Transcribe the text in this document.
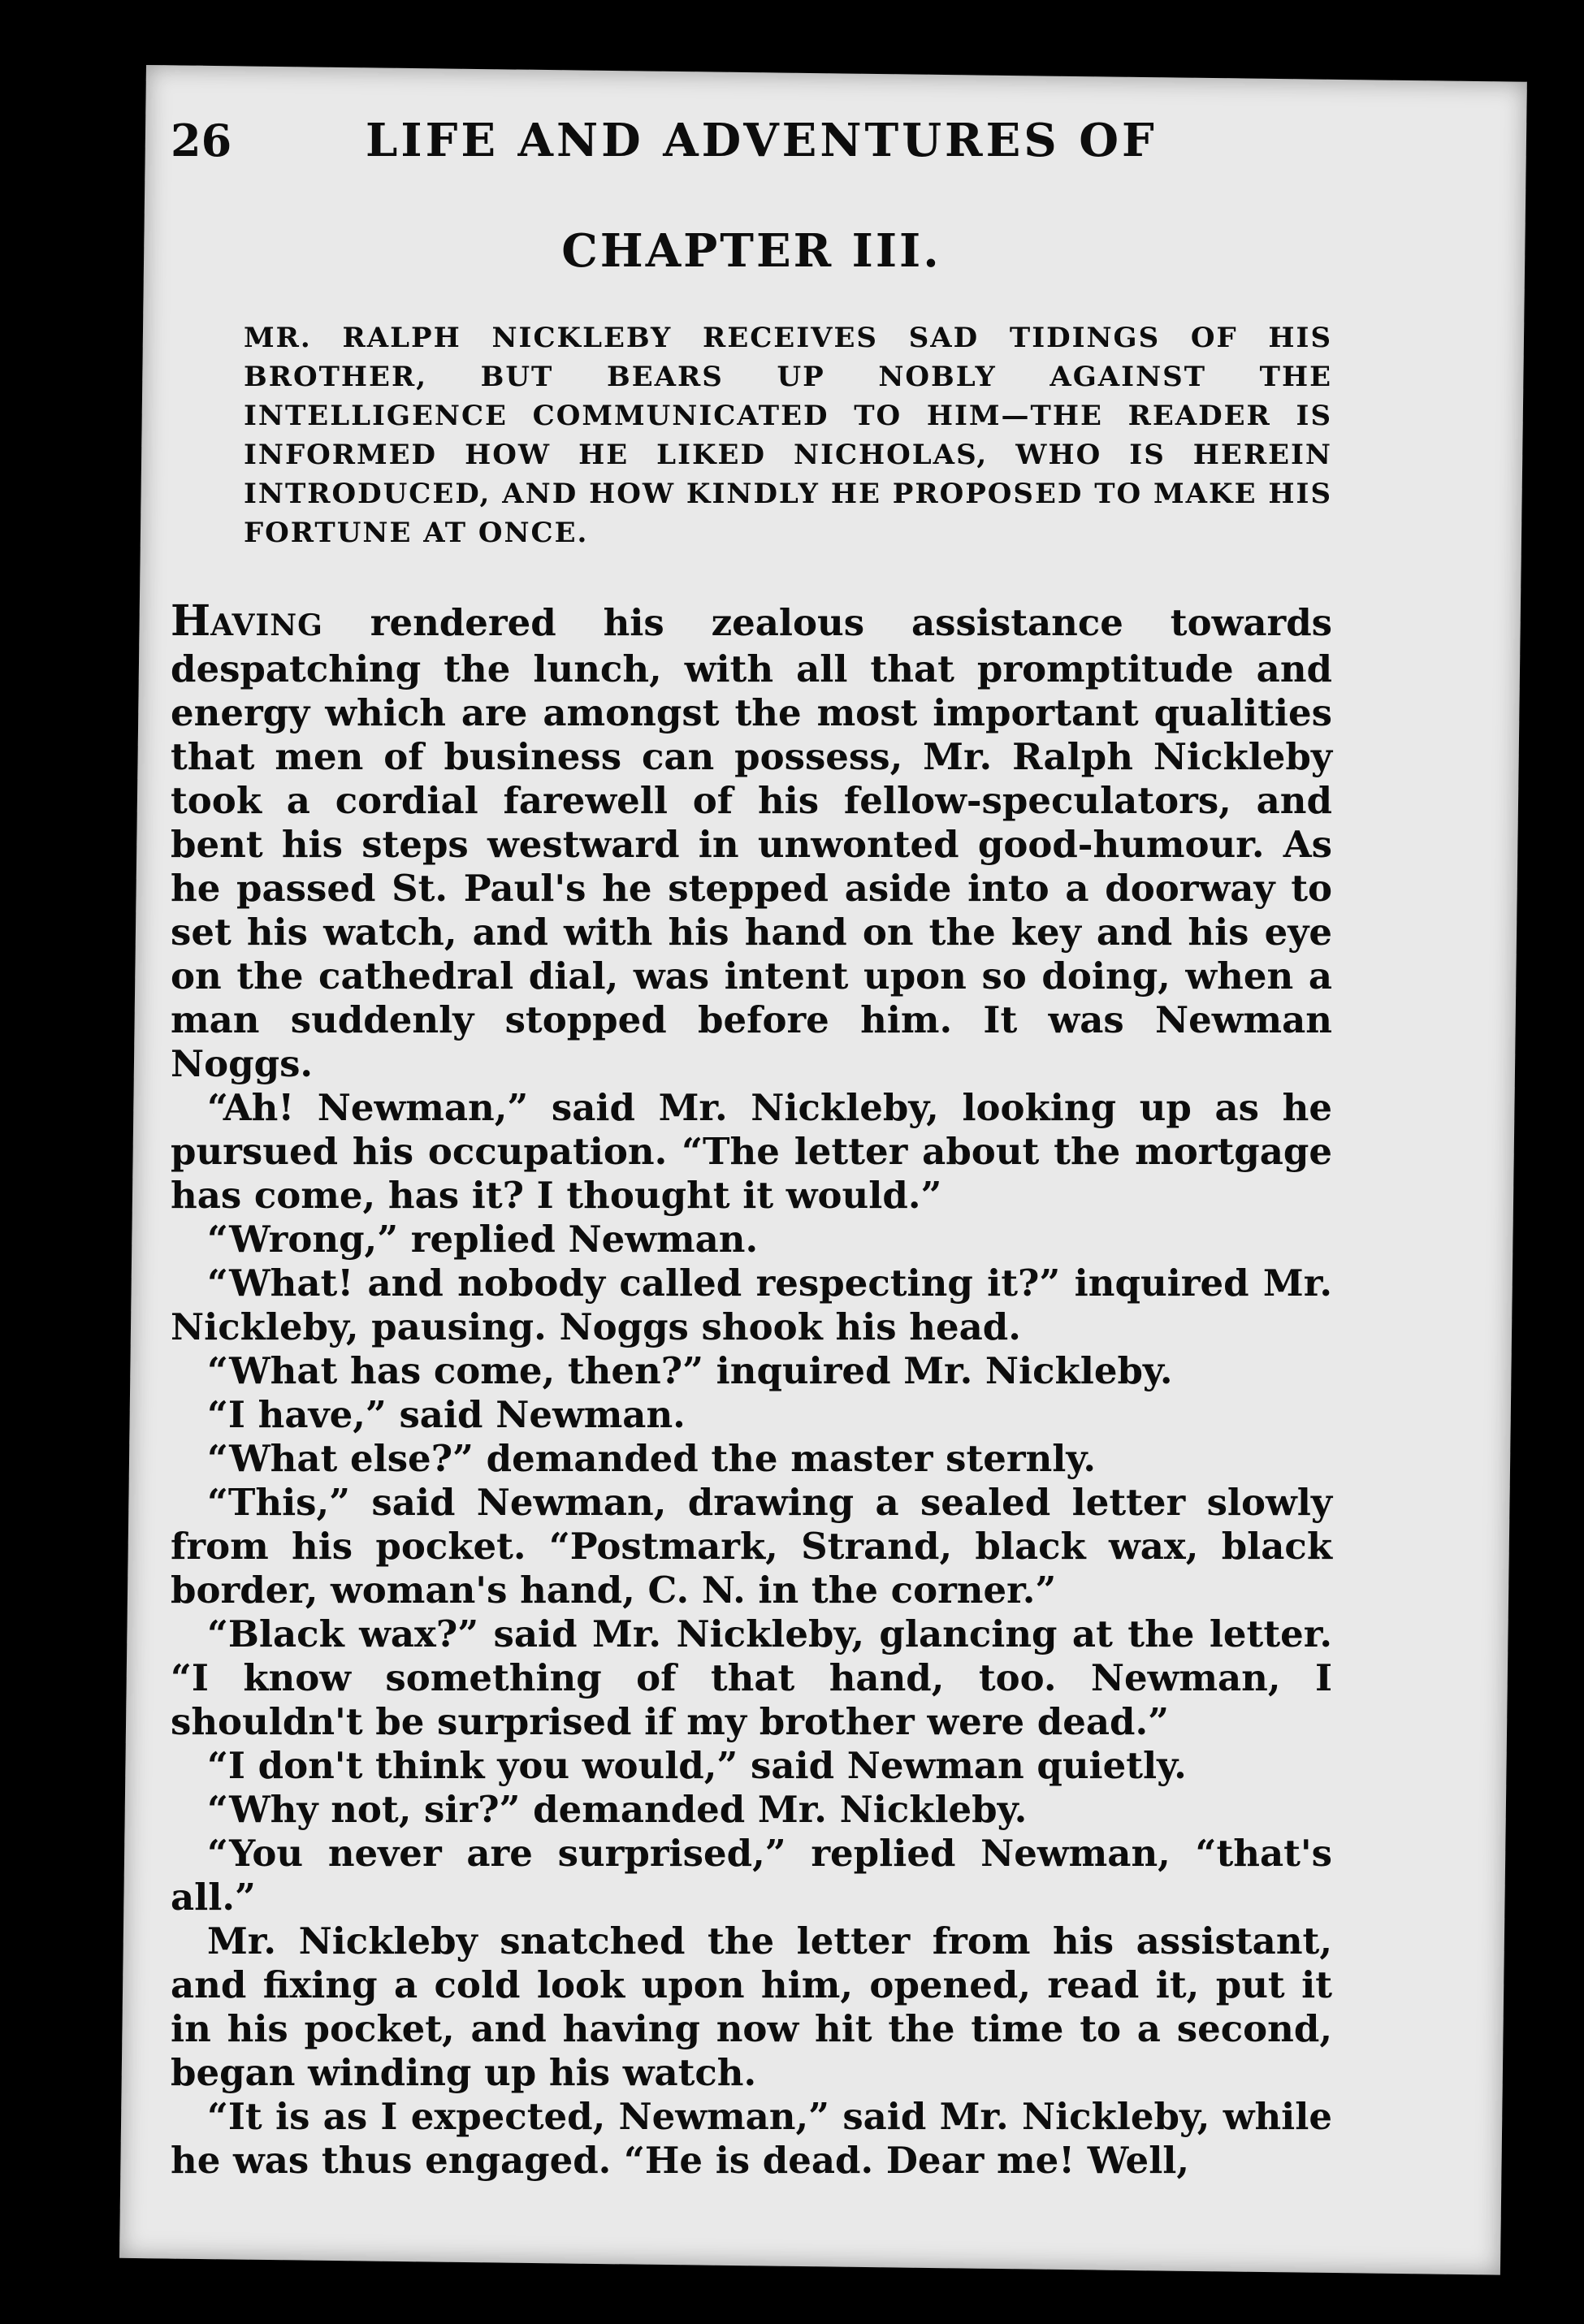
26	LIFE AND ADVENTURES OF
CHAPTER III.

MR. RALPH NICKLEBY RECEIVES SAD TIDINGS OF HIS BROTHER, BUT BEARS UP NOBLY AGAINST THE INTELLIGENCE COMMUNICATED TO HIM—THE READER IS INFORMED HOW HE LIKED NICHOLAS, WHO IS HEREIN INTRODUCED, AND HOW KINDLY HE PROPOSED TO MAKE HIS FORTUNE AT ONCE.

HAVING rendered his zealous assistance towards despatching the lunch, with all that promptitude and energy which are amongst the most important qualities that men of business can possess, Mr. Ralph Nickleby took a cordial farewell of his fellow-speculators, and bent his steps westward in unwonted good-humour. As he passed St. Paul's he stepped aside into a doorway to set his watch, and with his hand on the key and his eye on the cathedral dial, was intent upon so doing, when a man suddenly stopped before him. It was Newman Noggs.

“Ah! Newman,” said Mr. Nickleby, looking up as he pursued his occupation. “The letter about the mortgage has come, has it? I thought it would.”

“Wrong,” replied Newman.

“What! and nobody called respecting it?” inquired Mr. Nickleby, pausing. Noggs shook his head.

“What has come, then?” inquired Mr. Nickleby.

“I have,” said Newman.

“What else?” demanded the master sternly.

“This,” said Newman, drawing a sealed letter slowly from his pocket. “Postmark, Strand, black wax, black border, woman's hand, C. N. in the corner.”

“Black wax?” said Mr. Nickleby, glancing at the letter. “I know something of that hand, too. Newman, I shouldn't be surprised if my brother were dead.”

“I don't think you would,” said Newman quietly.

“Why not, sir?” demanded Mr. Nickleby.

“You never are surprised,” replied Newman, “that's all.”

Mr. Nickleby snatched the letter from his assistant, and fixing a cold look upon him, opened, read it, put it in his pocket, and having now hit the time to a second, began winding up his watch.

“It is as I expected, Newman,” said Mr. Nickleby, while he was thus engaged. “He is dead. Dear me! Well,
